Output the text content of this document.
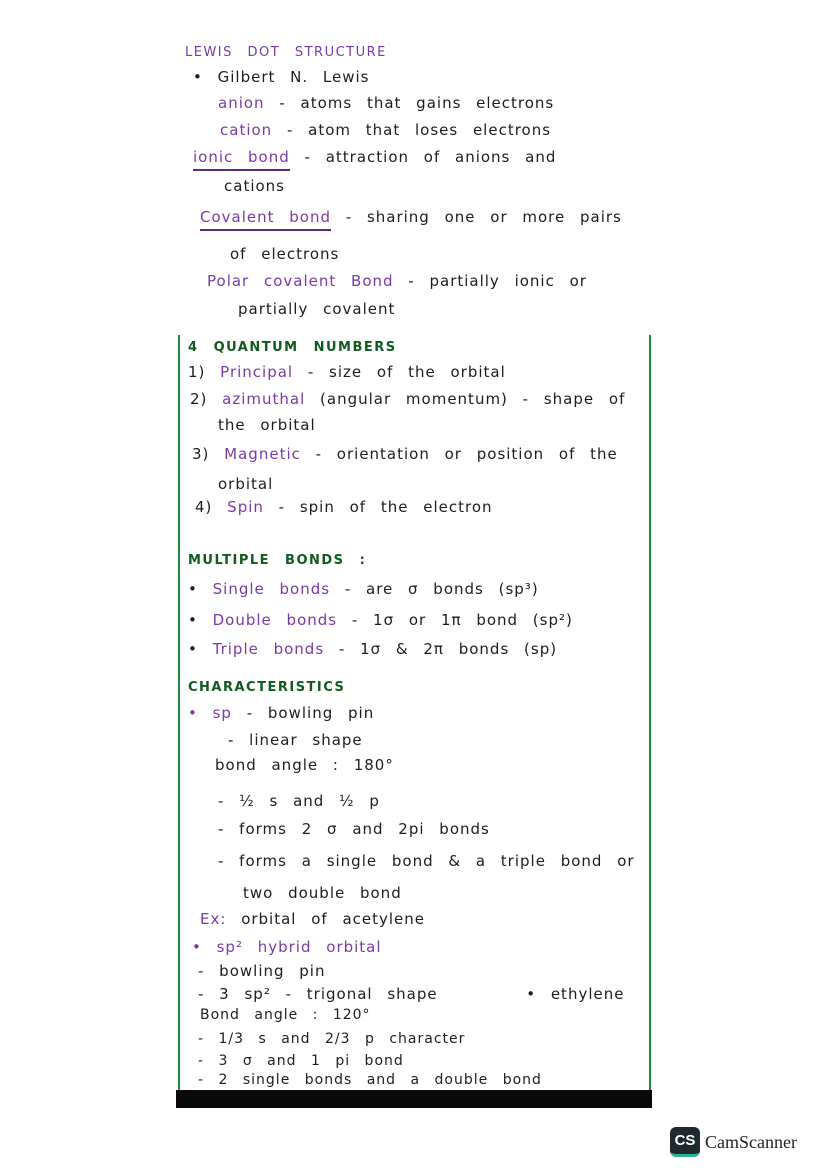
LEWIS DOT STRUCTURE
• Gilbert N. Lewis
anion - atoms that gains electrons
cation - atom that loses electrons
ionic bond - attraction of anions and
cations
Covalent bond - sharing one or more pairs
of electrons
Polar covalent Bond - partially ionic or
partially covalent
4 QUANTUM NUMBERS
1) Principal - size of the orbital
2) azimuthal (angular momentum) - shape of
the orbital
3) Magnetic - orientation or position of the
orbital
4) Spin - spin of the electron
MULTIPLE BONDS :
• Single bonds - are σ bonds (sp³)
• Double bonds - 1σ or 1π bond (sp²)
• Triple bonds - 1σ & 2π bonds (sp)
CHARACTERISTICS
• sp - bowling pin
- linear shape
bond angle : 180°
- ½ s and ½ p
- forms 2 σ and 2pi bonds
- forms a single bond & a triple bond or
two double bond
Ex: orbital of acetylene
• sp² hybrid orbital
- bowling pin
- 3 sp² - trigonal shape      • ethylene
Bond angle : 120°
- 1/3 s and 2/3 p character
- 3 σ and 1 pi bond
- 2 single bonds and a double bond
CS CamScanner
